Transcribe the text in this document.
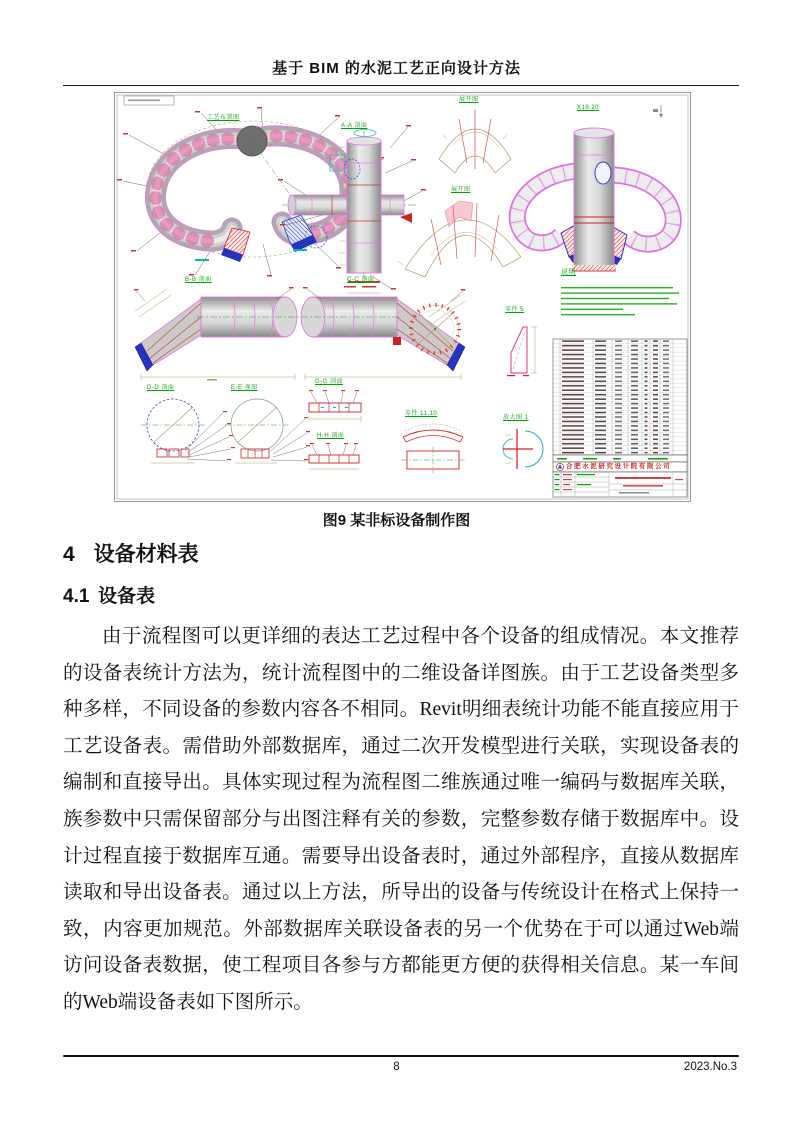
基于 BIM 的水泥工艺正向设计方法
工艺布置图
A-A 剖面
展开图
X19.20
展开图
B-B 剖面	C-C 剖面
D-D 剖面	E-E 视图
G-G 剖面
H-H 剖面
零件 5
零件 11.10
放大图 1
说明
合肥水泥研究设计院有限公司
图9 某非标设备制作图
4 设备材料表
4.1 设备表

由于流程图可以更详细的表达工艺过程中各个设备的组成情况。本文推荐的设备表统计方法为，统计流程图中的二维设备详图族。由于工艺设备类型多种多样，不同设备的参数内容各不相同。Revit明细表统计功能不能直接应用于工艺设备表。需借助外部数据库，通过二次开发模型进行关联，实现设备表的编制和直接导出。具体实现过程为流程图二维族通过唯一编码与数据库关联，族参数中只需保留部分与出图注释有关的参数，完整参数存储于数据库中。设计过程直接于数据库互通。需要导出设备表时，通过外部程序，直接从数据库读取和导出设备表。通过以上方法，所导出的设备与传统设计在格式上保持一致，内容更加规范。外部数据库关联设备表的另一个优势在于可以通过Web端访问设备表数据，使工程项目各参与方都能更方便的获得相关信息。某一车间的Web端设备表如下图所示。

8	2023.No.3
